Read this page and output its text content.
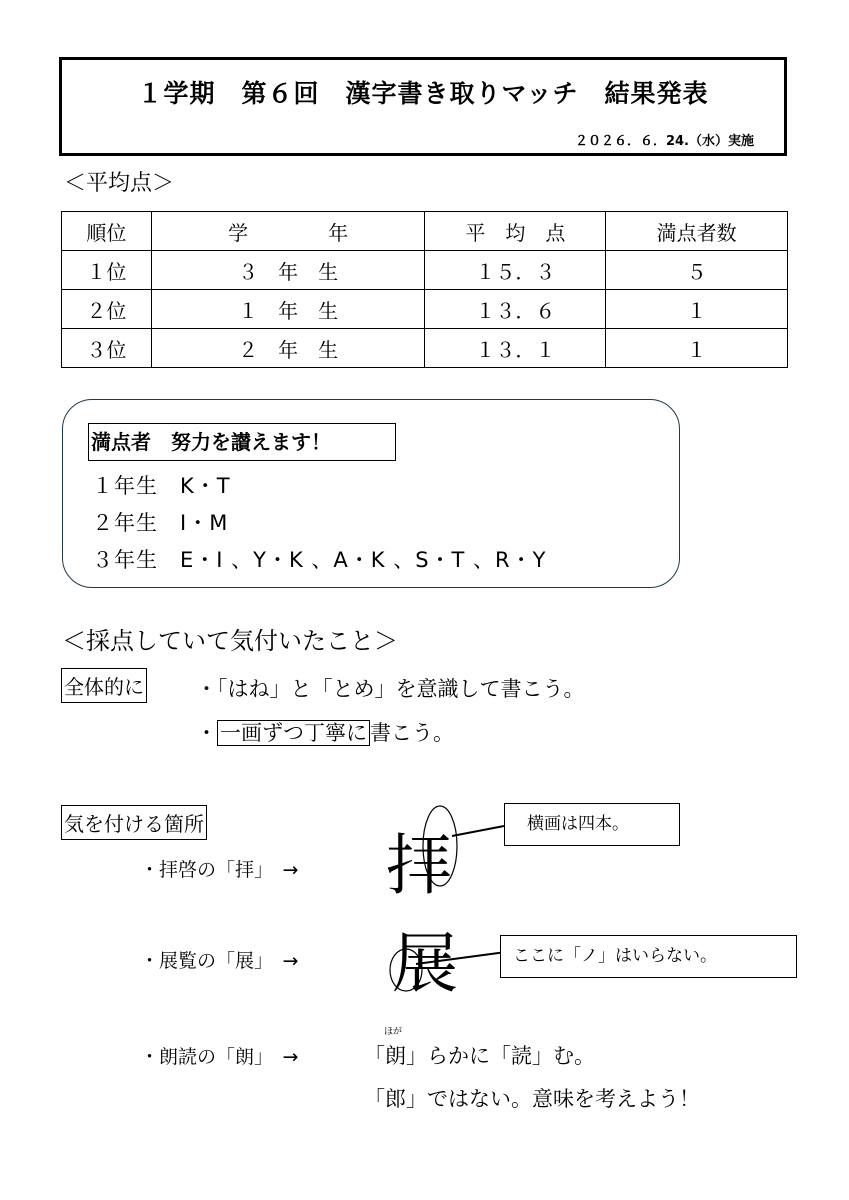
１学期　第６回　漢字書き取りマッチ　結果発表
２０２６．６．24.（水）実施
＜平均点＞
順位	学　　　　年	平　均　点	満点者数
１位	３　年　生	１５．３	５
２位	１　年　生	１３．６	１
３位	２　年　生	１３．１	１
満点者　努力を讃えます！
１年生　K・T
２年生　I・M
３年生　E・I 、Y・K 、A・K 、S・T 、R・Y
＜採点していて気付いたこと＞
全体的に ・「はね」と「とめ」を意識して書こう。
・ 一画ずつ丁寧に 書こう。
気を付ける箇所
・拝啓の「拝」　→ 拝
横画は四本。
・展覧の「展」　→ 展	ここに「ノ」はいらない。
ほが
・朗読の「朗」　→	「朗」らかに「読」む。
「郎」ではない。意味を考えよう！
